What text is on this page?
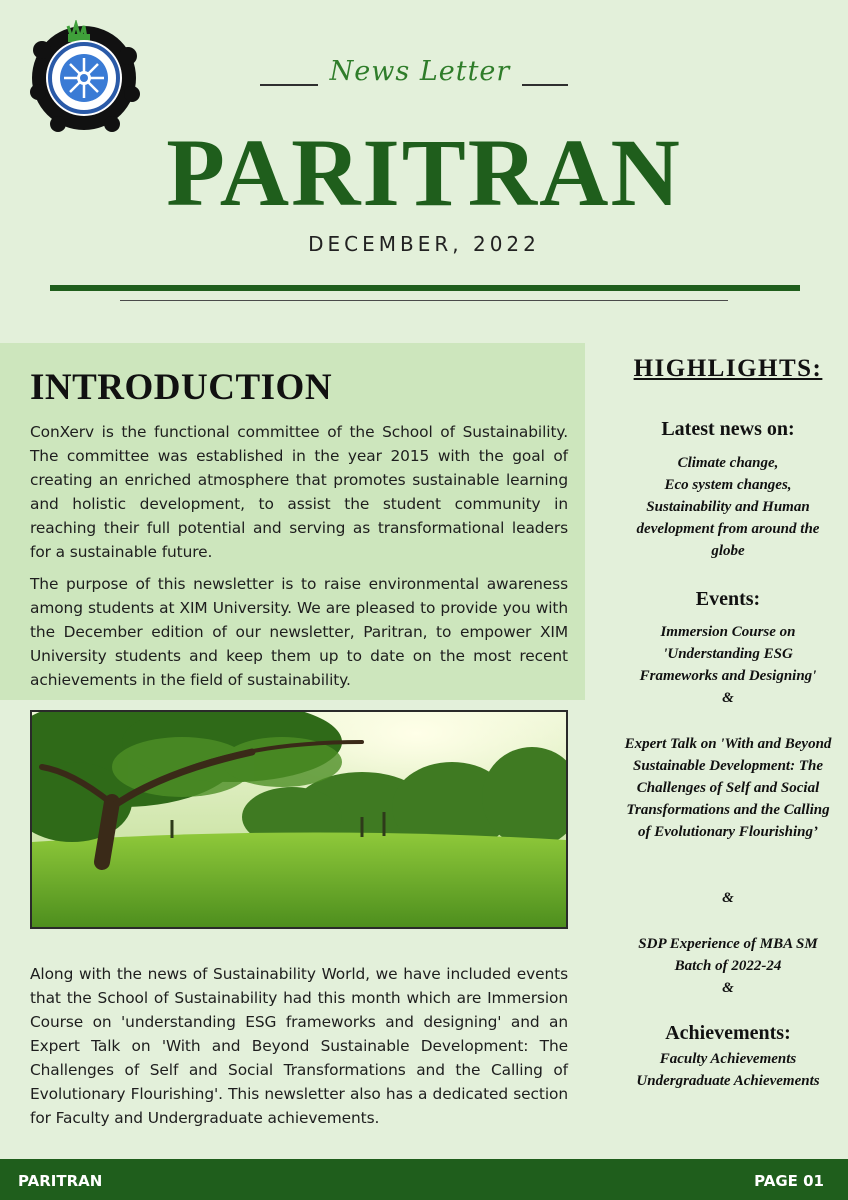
News Letter
PARITRAN
DECEMBER, 2022
INTRODUCTION
ConXerv is the functional committee of the School of Sustainability. The committee was established in the year 2015 with the goal of creating an enriched atmosphere that promotes sustainable learning and holistic development, to assist the student community in reaching their full potential and serving as transformational leaders for a sustainable future.
The purpose of this newsletter is to raise environmental awareness among students at XIM University. We are pleased to provide you with the December edition of our newsletter, Paritran, to empower XIM University students and keep them up to date on the most recent achievements in the field of sustainability.
Along with the news of Sustainability World, we have included events that the School of Sustainability had this month which are Immersion Course on 'understanding ESG frameworks and designing' and an Expert Talk on 'With and Beyond Sustainable Development: The Challenges of Self and Social Transformations and the Calling of Evolutionary Flourishing'. This newsletter also has a dedicated section for Faculty and Undergraduate achievements.
HIGHLIGHTS:
Latest news on:
Climate change,
Eco system changes,
Sustainability and Human development from around the globe
Events:
Immersion Course on 'Understanding ESG Frameworks and Designing'
&
Expert Talk on 'With and Beyond Sustainable Development: The Challenges of Self and Social Transformations and the Calling of Evolutionary Flourishing’
&
SDP Experience of MBA SM Batch of 2022-24
&
Achievements:
Faculty Achievements
Undergraduate Achievements
PARITRAN	PAGE 01
